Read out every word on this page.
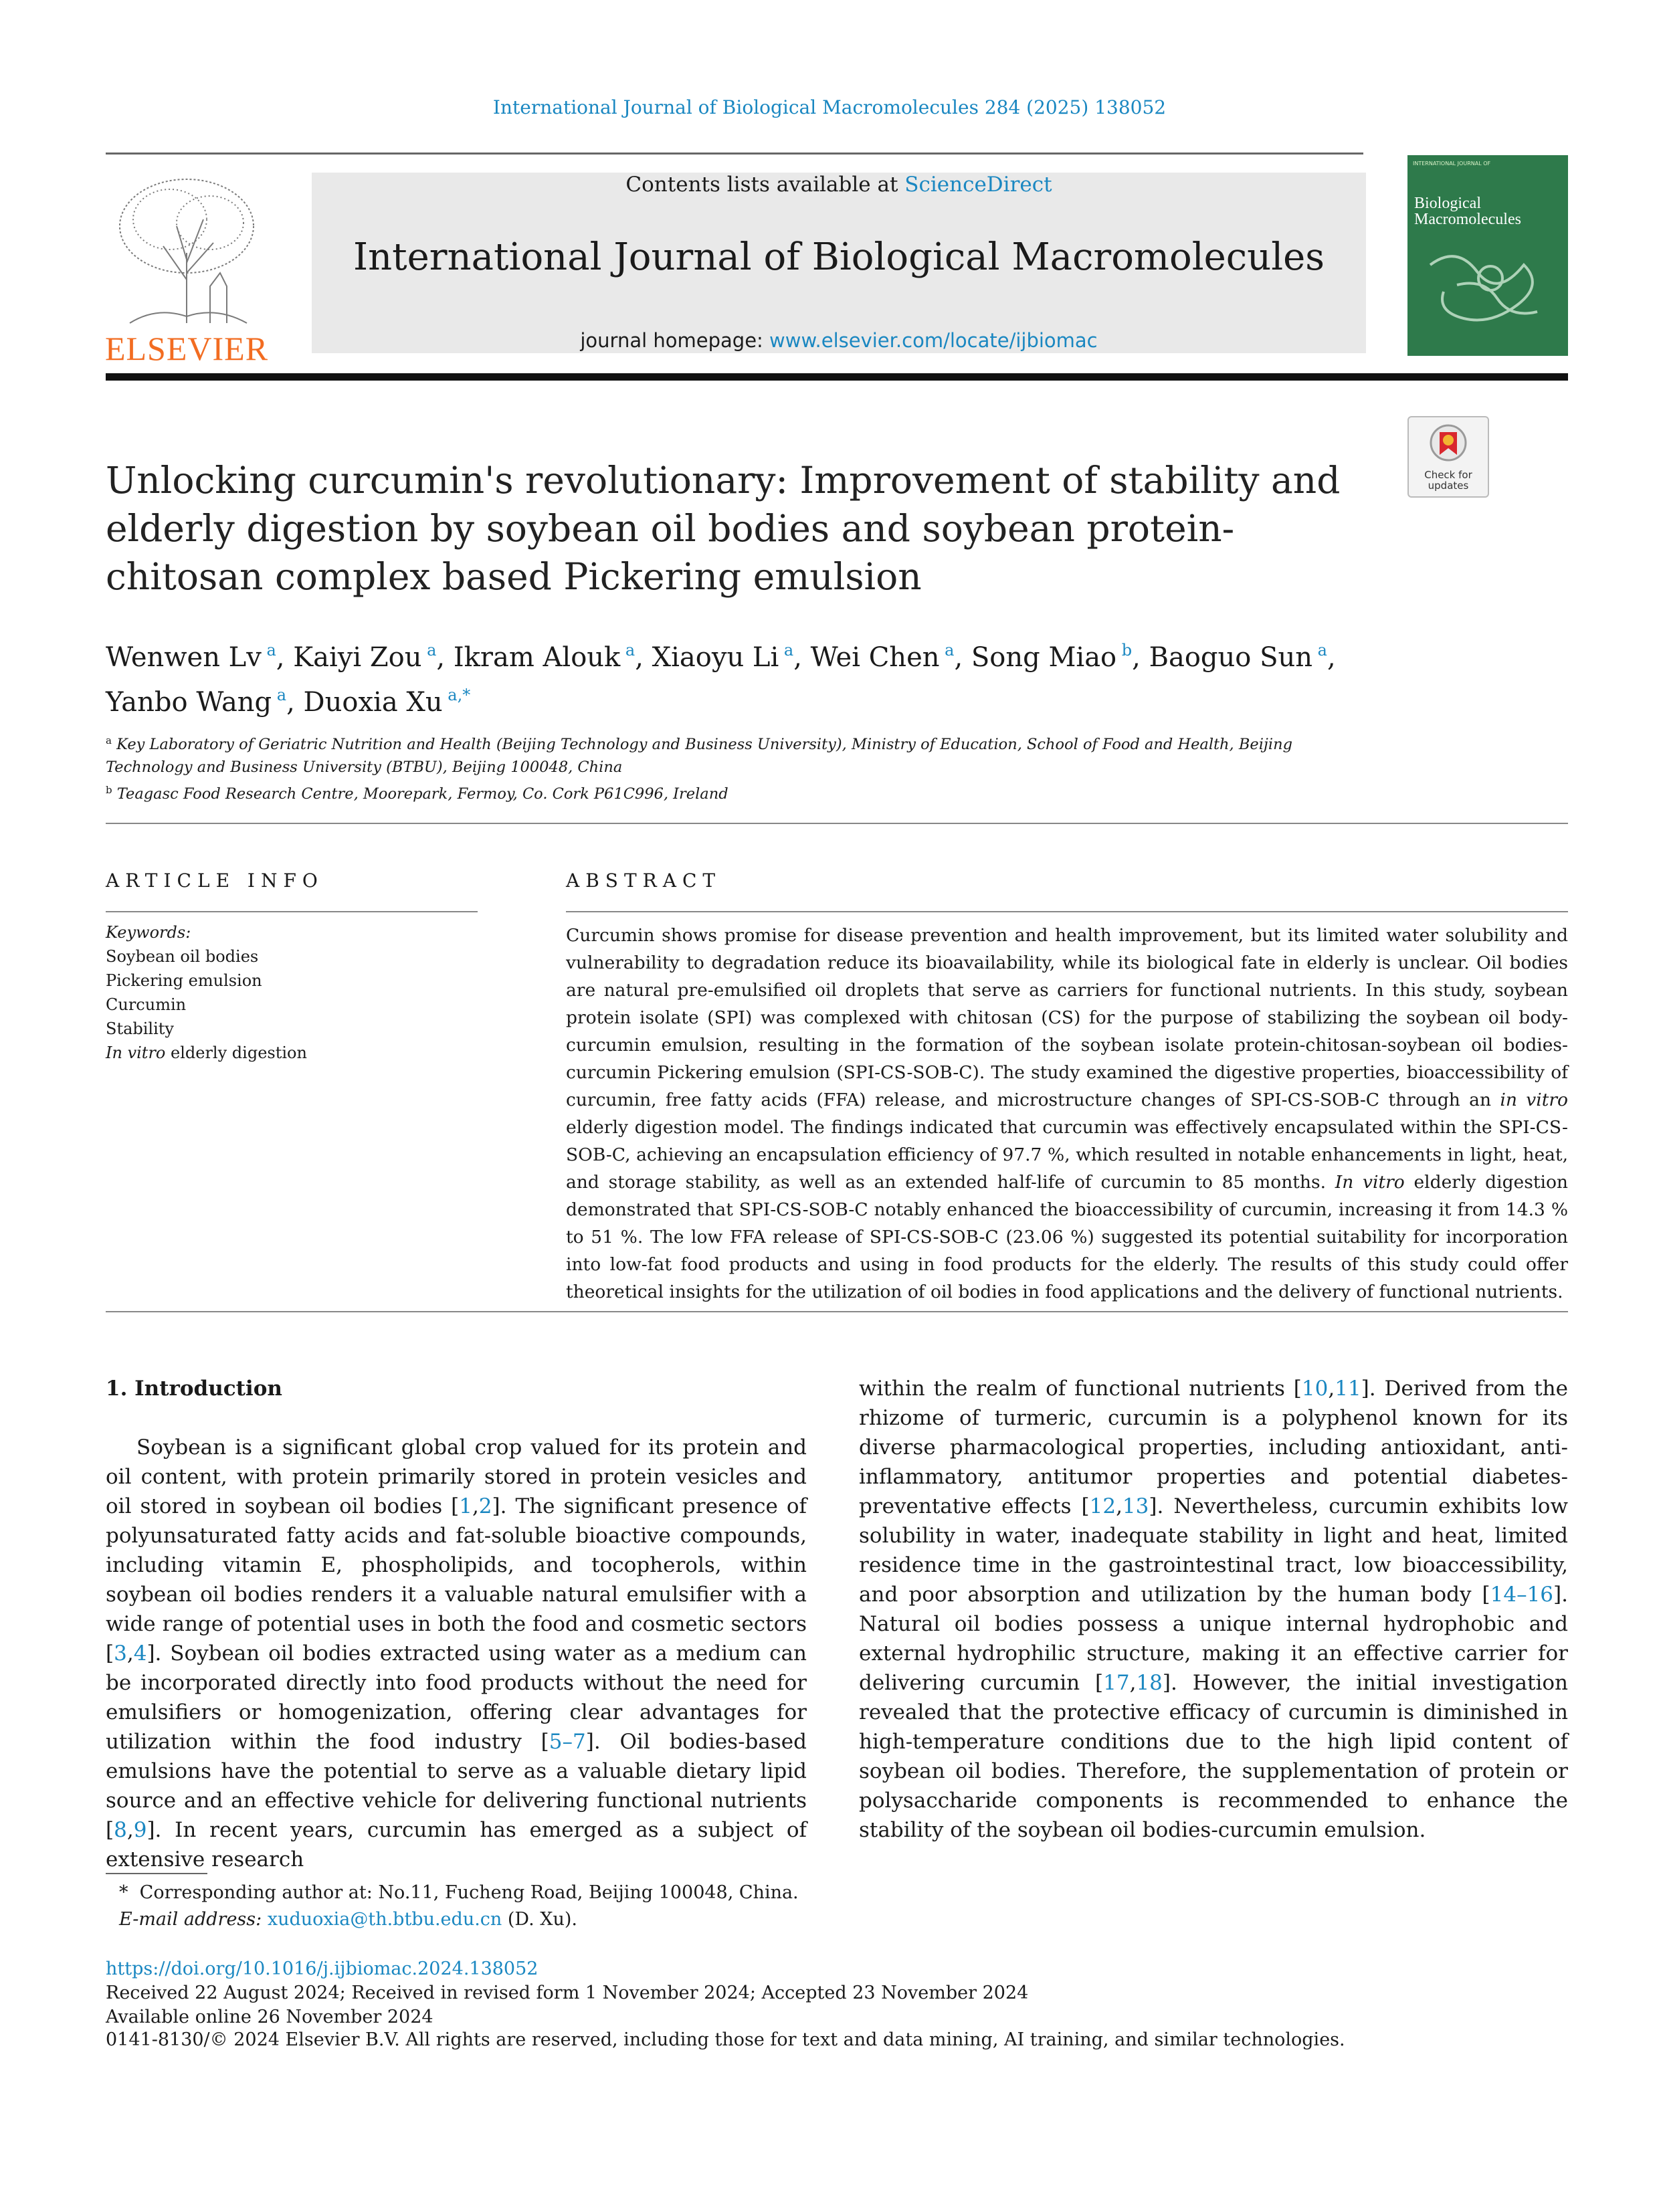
International Journal of Biological Macromolecules 284 (2025) 138052
ELSEVIER
Contents lists available at ScienceDirect
International Journal of Biological Macromolecules
journal homepage: www.elsevier.com/locate/ijbiomac
INTERNATIONAL JOURNAL OF
Biological Macromolecules
Check for updates
Unlocking curcumin's revolutionary: Improvement of stability and elderly digestion by soybean oil bodies and soybean protein-chitosan complex based Pickering emulsion
Wenwen Lv $^a$, Kaiyi Zou $^a$, Ikram Alouk $^a$, Xiaoyu Li $^a$, Wei Chen $^a$, Song Miao $^b$, Baoguo Sun $^a$,
Yanbo Wang $^a$, Duoxia Xu $^{a,*}$
$^a$ Key Laboratory of Geriatric Nutrition and Health (Beijing Technology and Business University), Ministry of Education, School of Food and Health, Beijing Technology and Business University (BTBU), Beijing 100048, China
$^b$ Teagasc Food Research Centre, Moorepark, Fermoy, Co. Cork P61C996, Ireland
ARTICLE INFO	ABSTRACT
Keywords:
Soybean oil bodies
Pickering emulsion
Curcumin
Stability
In vitro elderly digestion
Curcumin shows promise for disease prevention and health improvement, but its limited water solubility and vulnerability to degradation reduce its bioavailability, while its biological fate in elderly is unclear. Oil bodies are natural pre-emulsified oil droplets that serve as carriers for functional nutrients. In this study, soybean protein isolate (SPI) was complexed with chitosan (CS) for the purpose of stabilizing the soybean oil body-curcumin emulsion, resulting in the formation of the soybean isolate protein-chitosan-soybean oil bodies-curcumin Pickering emulsion (SPI-CS-SOB-C). The study examined the digestive properties, bioaccessibility of curcumin, free fatty acids (FFA) release, and microstructure changes of SPI-CS-SOB-C through an in vitro elderly digestion model. The findings indicated that curcumin was effectively encapsulated within the SPI-CS-SOB-C, achieving an encapsulation efficiency of 97.7 %, which resulted in notable enhancements in light, heat, and storage stability, as well as an extended half-life of curcumin to 85 months. In vitro elderly digestion demonstrated that SPI-CS-SOB-C notably enhanced the bioaccessibility of curcumin, increasing it from 14.3 % to 51 %. The low FFA release of SPI-CS-SOB-C (23.06 %) suggested its potential suitability for incorporation into low-fat food products and using in food products for the elderly. The results of this study could offer theoretical insights for the utilization of oil bodies in food applications and the delivery of functional nutrients.
1. Introduction
Soybean is a significant global crop valued for its protein and oil content, with protein primarily stored in protein vesicles and oil stored in soybean oil bodies [1,2]. The significant presence of polyunsaturated fatty acids and fat-soluble bioactive compounds, including vitamin E, phospholipids, and tocopherols, within soybean oil bodies renders it a valuable natural emulsifier with a wide range of potential uses in both the food and cosmetic sectors [3,4]. Soybean oil bodies extracted using water as a medium can be incorporated directly into food products without the need for emulsifiers or homogenization, offering clear advantages for utilization within the food industry [5–7]. Oil bodies-based emulsions have the potential to serve as a valuable dietary lipid source and an effective vehicle for delivering functional nutrients [8,9]. In recent years, curcumin has emerged as a subject of extensive research
within the realm of functional nutrients [10,11]. Derived from the rhizome of turmeric, curcumin is a polyphenol known for its diverse pharmacological properties, including antioxidant, anti-inflammatory, antitumor properties and potential diabetes-preventative effects [12,13]. Nevertheless, curcumin exhibits low solubility in water, inadequate stability in light and heat, limited residence time in the gastrointestinal tract, low bioaccessibility, and poor absorption and utilization by the human body [14–16]. Natural oil bodies possess a unique internal hydrophobic and external hydrophilic structure, making it an effective carrier for delivering curcumin [17,18]. However, the initial investigation revealed that the protective efficacy of curcumin is diminished in high-temperature conditions due to the high lipid content of soybean oil bodies. Therefore, the supplementation of protein or polysaccharide components is recommended to enhance the stability of the soybean oil bodies-curcumin emulsion.
* Corresponding author at: No.11, Fucheng Road, Beijing 100048, China.
E-mail address: xuduoxia@th.btbu.edu.cn (D. Xu).
https://doi.org/10.1016/j.ijbiomac.2024.138052
Received 22 August 2024; Received in revised form 1 November 2024; Accepted 23 November 2024
Available online 26 November 2024
0141-8130/© 2024 Elsevier B.V. All rights are reserved, including those for text and data mining, AI training, and similar technologies.
